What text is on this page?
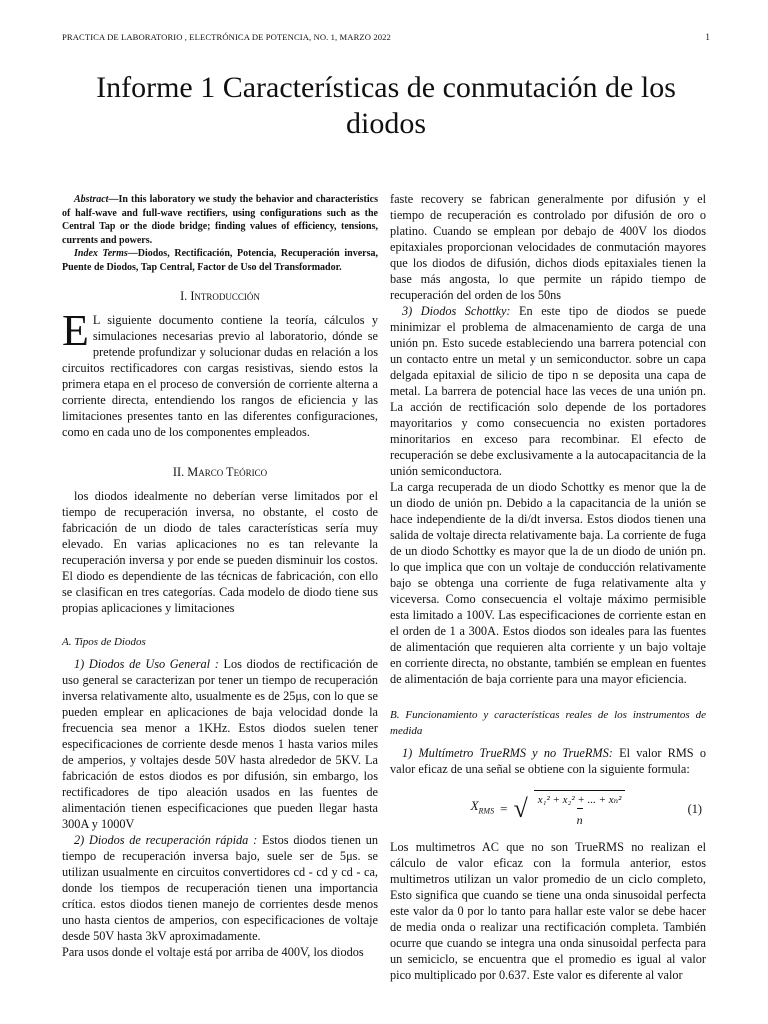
PRACTICA DE LABORATORIO , ELECTRÓNICA DE POTENCIA, NO. 1, MARZO 2022	1
Informe 1 Características de conmutación de los diodos

Abstract—In this laboratory we study the behavior and characteristics of half-wave and full-wave rectifiers, using configurations such as the Central Tap or the diode bridge; finding values of efficiency, tensions, currents and powers.

Index Terms—Diodos, Rectificación, Potencia, Recuperación inversa, Puente de Diodos, Tap Central, Factor de Uso del Transformador.

I. Introducción

E L siguiente documento contiene la teoría, cálculos y simulaciones necesarias previo al laboratorio, dónde se pretende profundizar y solucionar dudas en relación a los circuitos rectificadores con cargas resistivas, siendo estos la primera etapa en el proceso de conversión de corriente alterna a corriente directa, entendiendo los rangos de eficiencia y las limitaciones presentes tanto en las diferentes configuraciones, como en cada uno de los componentes empleados.

II. Marco Teórico

los diodos idealmente no deberían verse limitados por el tiempo de recuperación inversa, no obstante, el costo de fabricación de un diodo de tales características sería muy elevado. En varias aplicaciones no es tan relevante la recuperación inversa y por ende se pueden disminuir los costos. El diodo es dependiente de las técnicas de fabricación, con ello se clasifican en tres categorías. Cada modelo de diodo tiene sus propias aplicaciones y limitaciones

A. Tipos de Diodos

1) Diodos de Uso General : Los diodos de rectificación de uso general se caracterizan por tener un tiempo de recuperación inversa relativamente alto, usualmente es de 25μs, con lo que se pueden emplear en aplicaciones de baja velocidad donde la frecuencia sea menor a 1KHz. Estos diodos suelen tener especificaciones de corriente desde menos 1 hasta varios miles de amperios, y voltajes desde 50V hasta alrededor de 5KV. La fabricación de estos diodos es por difusión, sin embargo, los rectificadores de tipo aleación usados en las fuentes de alimentación tienen especificaciones que pueden llegar hasta 300A y 1000V

2) Diodos de recuperación rápida : Estos diodos tienen un tiempo de recuperación inversa bajo, suele ser de 5μs. se utilizan usualmente en circuitos convertidores cd - cd y cd - ca, donde los tiempos de recuperación tienen una importancia crítica. estos diodos tienen manejo de corrientes desde menos uno hasta cientos de amperios, con especificaciones de voltaje desde 50V hasta 3kV aproximadamente.

Para usos donde el voltaje está por arriba de 400V, los diodos

faste recovery se fabrican generalmente por difusión y el tiempo de recuperación es controlado por difusión de oro o platino. Cuando se emplean por debajo de 400V los diodos epitaxiales proporcionan velocidades de conmutación mayores que los diodos de difusión, dichos diods epitaxiales tienen la base más angosta, lo que permite un rápido tiempo de recuperación del orden de los 50ns

3) Diodos Schottky: En este tipo de diodos se puede minimizar el problema de almacenamiento de carga de una unión pn. Esto sucede estableciendo una barrera potencial con un contacto entre un metal y un semiconductor. sobre un capa delgada epitaxial de silicio de tipo n se deposita una capa de metal. La barrera de potencial hace las veces de una unión pn. La acción de rectificación solo depende de los portadores mayoritarios y como consecuencia no existen portadores minoritarios en exceso para recombinar. El efecto de recuperación se debe exclusivamente a la autocapacitancia de la unión semiconductora.

La carga recuperada de un diodo Schottky es menor que la de un diodo de unión pn. Debido a la capacitancia de la unión se hace independiente de la di/dt inversa. Estos diodos tienen una salida de voltaje directa relativamente baja. La corriente de fuga de un diodo Schottky es mayor que la de un diodo de unión pn. lo que implica que con un voltaje de conducción relativamente bajo se obtenga una corriente de fuga relativamente alta y viceversa. Como consecuencia el voltaje máximo permisible esta limitado a 100V. Las especificaciones de corriente estan en el orden de 1 a 300A. Estos diodos son ideales para las fuentes de alimentación que requieren alta corriente y un bajo voltaje en corriente directa, no obstante, también se emplean en fuentes de alimentación de baja corriente para una mayor eficiencia.

B. Funcionamiento y características reales de los instrumentos de medida

1) Multímetro TrueRMS y no TrueRMS: El valor RMS o valor eficaz de una señal se obtiene con la siguiente formula:

$X_{RMS}$ = √ $\frac{\text{x₁² + x₂² + ... + xₙ²}}{n}$	(1)

Los multimetros AC que no son TrueRMS no realizan el cálculo de valor eficaz con la formula anterior, estos multimetros utilizan un valor promedio de un ciclo completo, Esto significa que cuando se tiene una onda sinusoidal perfecta este valor da 0 por lo tanto para hallar este valor se debe hacer de media onda o realizar una rectificación completa. También ocurre que cuando se integra una onda sinusoidal perfecta para un semiciclo, se encuentra que el promedio es igual al valor pico multiplicado por 0.637. Este valor es diferente al valor
